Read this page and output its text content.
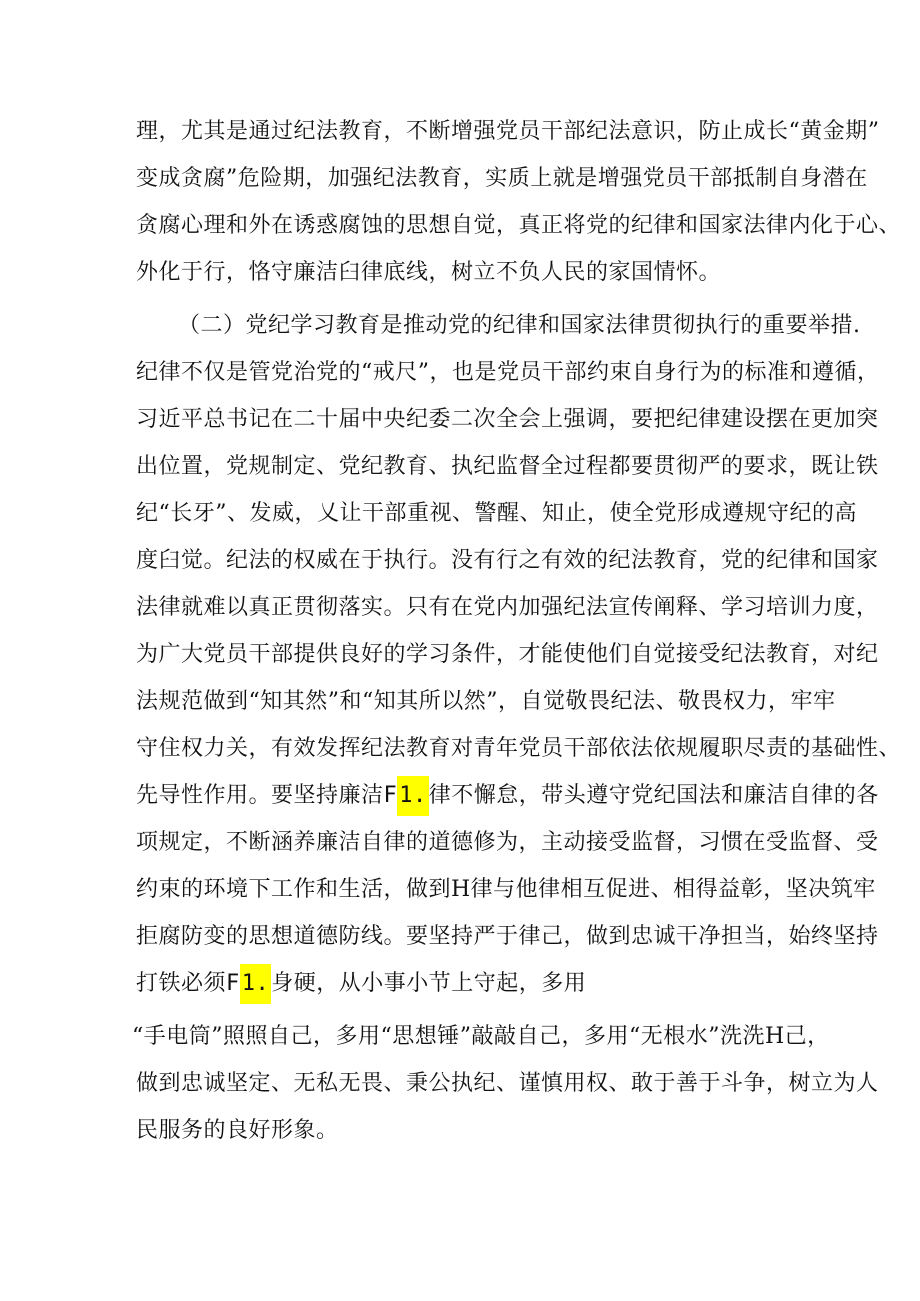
理，尤其是通过纪法教育，不断增强党员干部纪法意识，防止成长“黄金期”
变成贪腐”危险期，加强纪法教育，实质上就是增强党员干部抵制自身潜在
贪腐心理和外在诱惑腐蚀的思想自觉，真正将党的纪律和国家法律内化于心、
外化于行，恪守廉洁臼律底线，树立不负人民的家国情怀。
（二）党纪学习教育是推动党的纪律和国家法律贯彻执行的重要举措.
纪律不仅是管党治党的“戒尺”，也是党员干部约束自身行为的标准和遵循，
习近平总书记在二十届中央纪委二次全会上强调，要把纪律建设摆在更加突
出位置，党规制定、党纪教育、执纪监督全过程都要贯彻严的要求，既让铁
纪“长牙”、发威，乂让干部重视、警醒、知止，使全党形成遵规守纪的高
度臼觉。纪法的权威在于执行。没有行之有效的纪法教育，党的纪律和国家
法律就难以真正贯彻落实。只有在党内加强纪法宣传阐释、学习培训力度，
为广大党员干部提供良好的学习条件，才能使他们自觉接受纪法教育，对纪
法规范做到“知其然”和“知其所以然”，自觉敬畏纪法、敬畏权力，牢牢
守住权力关，有效发挥纪法教育对青年党员干部依法依规履职尽责的基础性、
先导性作用。要坚持廉洁F1.律不懈怠，带头遵守党纪国法和廉洁自律的各
项规定，不断涵养廉洁自律的道德修为，主动接受监督，习惯在受监督、受
约束的环境下工作和生活，做到H律与他律相互促进、相得益彰，坚决筑牢
拒腐防变的思想道德防线。要坚持严于律己，做到忠诚干净担当，始终坚持
打铁必须F1.身硬，从小事小节上守起，多用
“手电筒”照照自己，多用“思想锤”敲敲自己，多用“无根水”洗洗H己，
做到忠诚坚定、无私无畏、秉公执纪、谨慎用权、敢于善于斗争，树立为人
民服务的良好形象。
